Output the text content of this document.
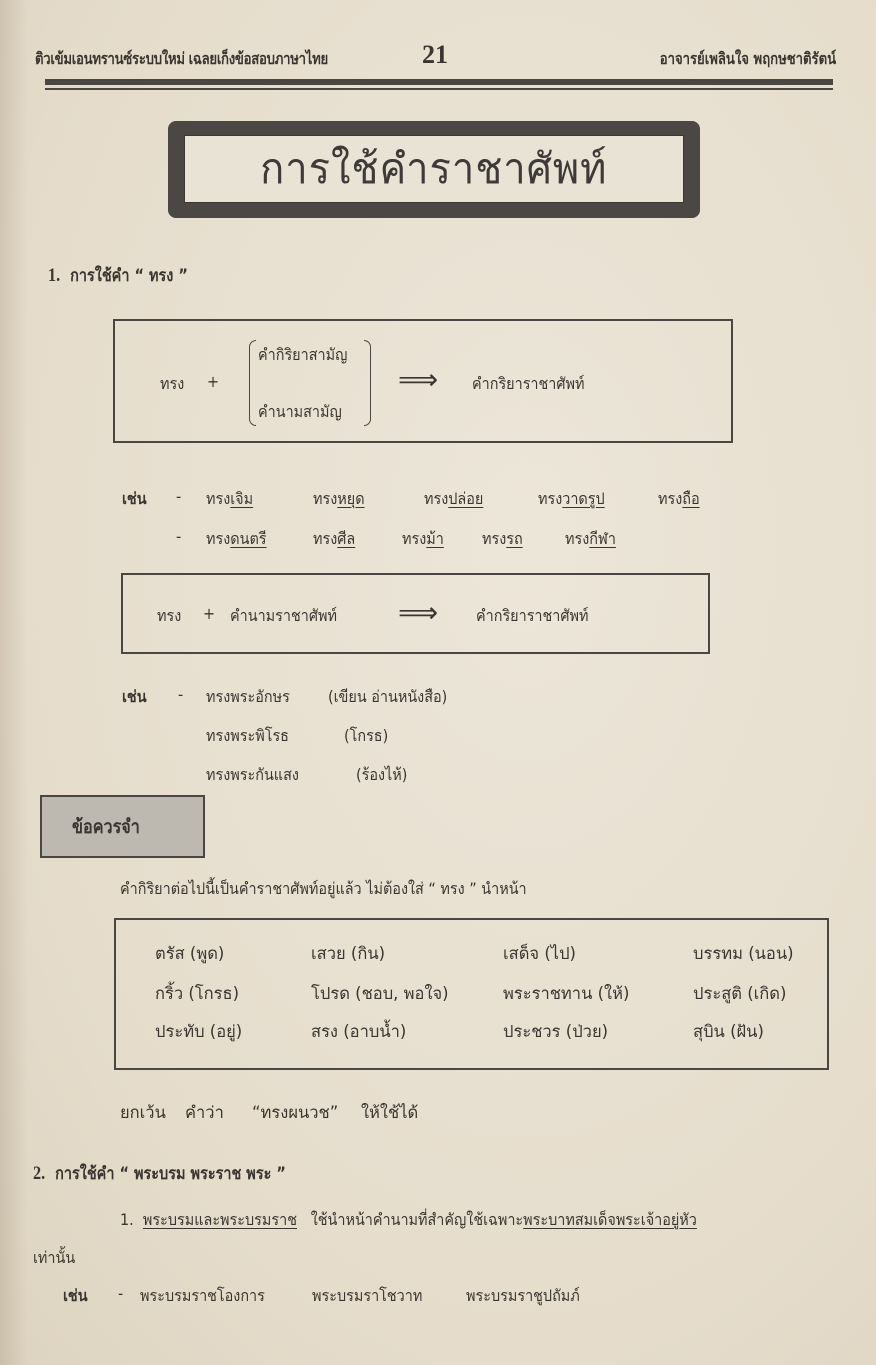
ติวเข้มเอนทรานซ์ระบบใหม่ เฉลยเก็งข้อสอบภาษาไทย	21	อาจารย์เพลินใจ พฤกษชาติรัตน์
การใช้คำราชาศัพท์
1. การใช้คำ “ ทรง ”
ทรง +
คำกิริยาสามัญ
คำนามสามัญ
⟹ คำกริยาราชาศัพท์
เช่น - ทรงเจิม	ทรงหยุด	ทรงปล่อย	ทรงวาดรูป	ทรงถือ
- ทรงดนตรี	ทรงศีล	ทรงม้า ทรงรถ	ทรงกีฬา
ทรง + คำนามราชาศัพท์ ⟹ คำกริยาราชาศัพท์
เช่น - ทรงพระอักษร (เขียน อ่านหนังสือ)
ทรงพระพิโรธ	(โกรธ)
ทรงพระกันแสง	(ร้องไห้)
ข้อควรจำ
คำกิริยาต่อไปนี้เป็นคำราชาศัพท์อยู่แล้ว ไม่ต้องใส่ “ ทรง ” นำหน้า
ตรัส (พูด)	เสวย (กิน)	เสด็จ (ไป)	บรรทม (นอน)
กริ้ว (โกรธ)	โปรด (ชอบ, พอใจ)	พระราชทาน (ให้)	ประสูติ (เกิด)
ประทับ (อยู่)	สรง (อาบน้ำ)	ประชวร (ป่วย)	สุบิน (ฝัน)
ยกเว้น คำว่า “ทรงผนวช” ให้ใช้ได้
2. การใช้คำ “ พระบรม พระราช พระ ”
1. พระบรมและพระบรมราช ใช้นำหน้าคำนามที่สำคัญใช้เฉพาะพระบาทสมเด็จพระเจ้าอยู่หัว
เท่านั้น
เช่น - พระบรมราชโองการ	พระบรมราโชวาท	พระบรมราชูปถัมภ์
